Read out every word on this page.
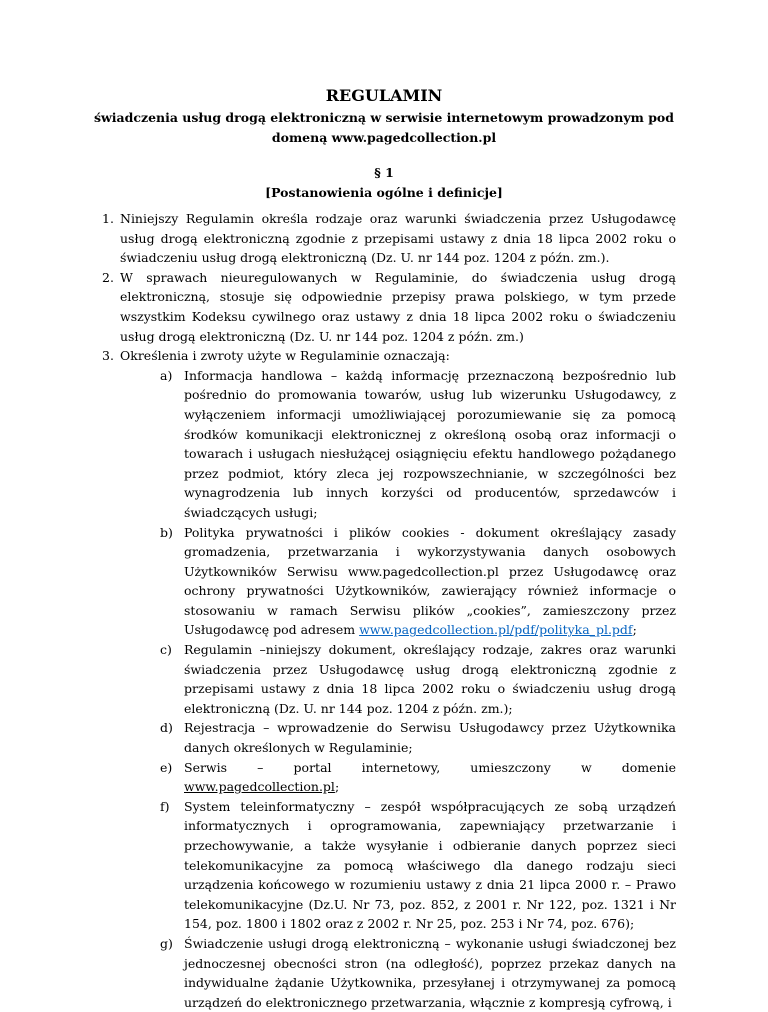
REGULAMIN
świadczenia usług drogą elektroniczną w serwisie internetowym prowadzonym pod domeną www.pagedcollection.pl
§ 1
[Postanowienia ogólne i definicje]
1. Niniejszy Regulamin określa rodzaje oraz warunki świadczenia przez Usługodawcę usług drogą elektroniczną zgodnie z przepisami ustawy z dnia 18 lipca 2002 roku o świadczeniu usług drogą elektroniczną (Dz. U. nr 144 poz. 1204 z późn. zm.).
2. W sprawach nieuregulowanych w Regulaminie, do świadczenia usług drogą elektroniczną, stosuje się odpowiednie przepisy prawa polskiego, w tym przede wszystkim Kodeksu cywilnego oraz ustawy z dnia 18 lipca 2002 roku o świadczeniu usług drogą elektroniczną (Dz. U. nr 144 poz. 1204 z późn. zm.)
3. Określenia i zwroty użyte w Regulaminie oznaczają:
a) Informacja handlowa – każdą informację przeznaczoną bezpośrednio lub pośrednio do promowania towarów, usług lub wizerunku Usługodawcy, z wyłączeniem informacji umożliwiającej porozumiewanie się za pomocą środków komunikacji elektronicznej z określoną osobą oraz informacji o towarach i usługach niesłużącej osiągnięciu efektu handlowego pożądanego przez podmiot, który zleca jej rozpowszechnianie, w szczególności bez wynagrodzenia lub innych korzyści od producentów, sprzedawców i świadczących usługi;
b) Polityka prywatności i plików cookies - dokument określający zasady gromadzenia, przetwarzania i wykorzystywania danych osobowych Użytkowników Serwisu www.pagedcollection.pl przez Usługodawcę oraz ochrony prywatności Użytkowników, zawierający również informacje o stosowaniu w ramach Serwisu plików „cookies”, zamieszczony przez Usługodawcę pod adresem www.pagedcollection.pl/pdf/polityka_pl.pdf;
c) Regulamin –niniejszy dokument, określający rodzaje, zakres oraz warunki świadczenia przez Usługodawcę usług drogą elektroniczną zgodnie z przepisami ustawy z dnia 18 lipca 2002 roku o świadczeniu usług drogą elektroniczną (Dz. U. nr 144 poz. 1204 z późn. zm.);
d) Rejestracja – wprowadzenie do Serwisu Usługodawcy przez Użytkownika danych określonych w Regulaminie;
e) Serwis – portal internetowy, umieszczony w domenie www.pagedcollection.pl;
f) System teleinformatyczny – zespół współpracujących ze sobą urządzeń informatycznych i oprogramowania, zapewniający przetwarzanie i przechowywanie, a także wysyłanie i odbieranie danych poprzez sieci telekomunikacyjne za pomocą właściwego dla danego rodzaju sieci urządzenia końcowego w rozumieniu ustawy z dnia 21 lipca 2000 r. – Prawo telekomunikacyjne (Dz.U. Nr 73, poz. 852, z 2001 r. Nr 122, poz. 1321 i Nr 154, poz. 1800 i 1802 oraz z 2002 r. Nr 25, poz. 253 i Nr 74, poz. 676);
g) Świadczenie usługi drogą elektroniczną – wykonanie usługi świadczonej bez jednoczesnej obecności stron (na odległość), poprzez przekaz danych na indywidualne żądanie Użytkownika, przesyłanej i otrzymywanej za pomocą urządzeń do elektronicznego przetwarzania, włącznie z kompresją cyfrową, i
